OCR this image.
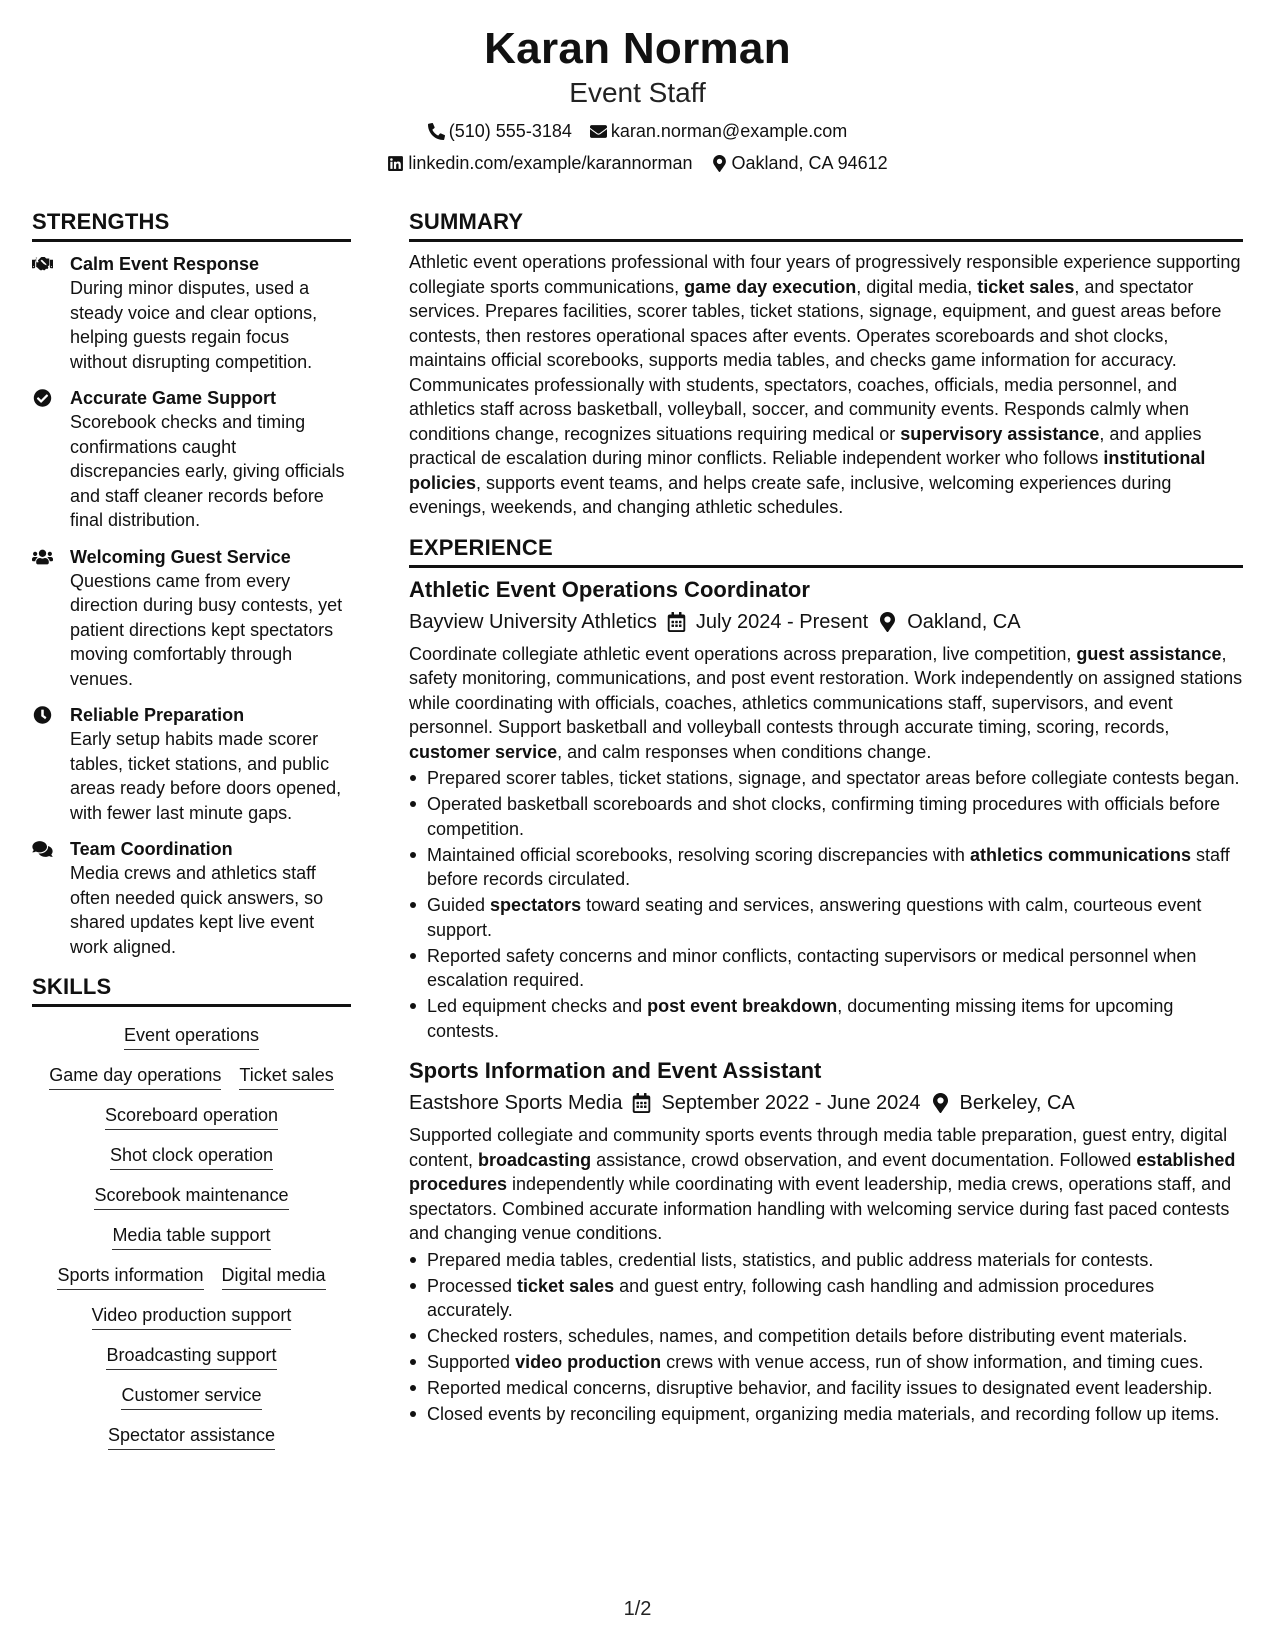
Karan Norman
Event Staff
(510) 555-3184 karan.norman@example.com
linkedin.com/example/karannorman Oakland, CA 94612
STRENGTHS
Calm Event Response
During minor disputes, used a steady voice and clear options, helping guests regain focus without disrupting competition.
Accurate Game Support
Scorebook checks and timing confirmations caught discrepancies early, giving officials and staff cleaner records before final distribution.
Welcoming Guest Service
Questions came from every direction during busy contests, yet patient directions kept spectators moving comfortably through venues.
Reliable Preparation
Early setup habits made scorer tables, ticket stations, and public areas ready before doors opened, with fewer last minute gaps.
Team Coordination
Media crews and athletics staff often needed quick answers, so shared updates kept live event work aligned.
SKILLS
Event operations
Game day operations Ticket sales
Scoreboard operation
Shot clock operation
Scorebook maintenance
Media table support
Sports information Digital media
Video production support
Broadcasting support
Customer service
Spectator assistance
SUMMARY
Athletic event operations professional with four years of progressively responsible experience supporting collegiate sports communications, game day execution, digital media, ticket sales, and spectator services. Prepares facilities, scorer tables, ticket stations, signage, equipment, and guest areas before contests, then restores operational spaces after events. Operates scoreboards and shot clocks, maintains official scorebooks, supports media tables, and checks game information for accuracy. Communicates professionally with students, spectators, coaches, officials, media personnel, and athletics staff across basketball, volleyball, soccer, and community events. Responds calmly when conditions change, recognizes situations requiring medical or supervisory assistance, and applies practical de escalation during minor conflicts. Reliable independent worker who follows institutional policies, supports event teams, and helps create safe, inclusive, welcoming experiences during evenings, weekends, and changing athletic schedules.
EXPERIENCE
Athletic Event Operations Coordinator
Bayview University Athletics July 2024 - Present Oakland, CA
Coordinate collegiate athletic event operations across preparation, live competition, guest assistance, safety monitoring, communications, and post event restoration. Work independently on assigned stations while coordinating with officials, coaches, athletics communications staff, supervisors, and event personnel. Support basketball and volleyball contests through accurate timing, scoring, records, customer service, and calm responses when conditions change.
Prepared scorer tables, ticket stations, signage, and spectator areas before collegiate contests began.
Operated basketball scoreboards and shot clocks, confirming timing procedures with officials before competition.
Maintained official scorebooks, resolving scoring discrepancies with athletics communications staff before records circulated.
Guided spectators toward seating and services, answering questions with calm, courteous event support.
Reported safety concerns and minor conflicts, contacting supervisors or medical personnel when escalation required.
Led equipment checks and post event breakdown, documenting missing items for upcoming contests.
Sports Information and Event Assistant
Eastshore Sports Media September 2022 - June 2024 Berkeley, CA
Supported collegiate and community sports events through media table preparation, guest entry, digital content, broadcasting assistance, crowd observation, and event documentation. Followed established procedures independently while coordinating with event leadership, media crews, operations staff, and spectators. Combined accurate information handling with welcoming service during fast paced contests and changing venue conditions.
Prepared media tables, credential lists, statistics, and public address materials for contests.
Processed ticket sales and guest entry, following cash handling and admission procedures accurately.
Checked rosters, schedules, names, and competition details before distributing event materials.
Supported video production crews with venue access, run of show information, and timing cues.
Reported medical concerns, disruptive behavior, and facility issues to designated event leadership.
Closed events by reconciling equipment, organizing media materials, and recording follow up items.
1/2
